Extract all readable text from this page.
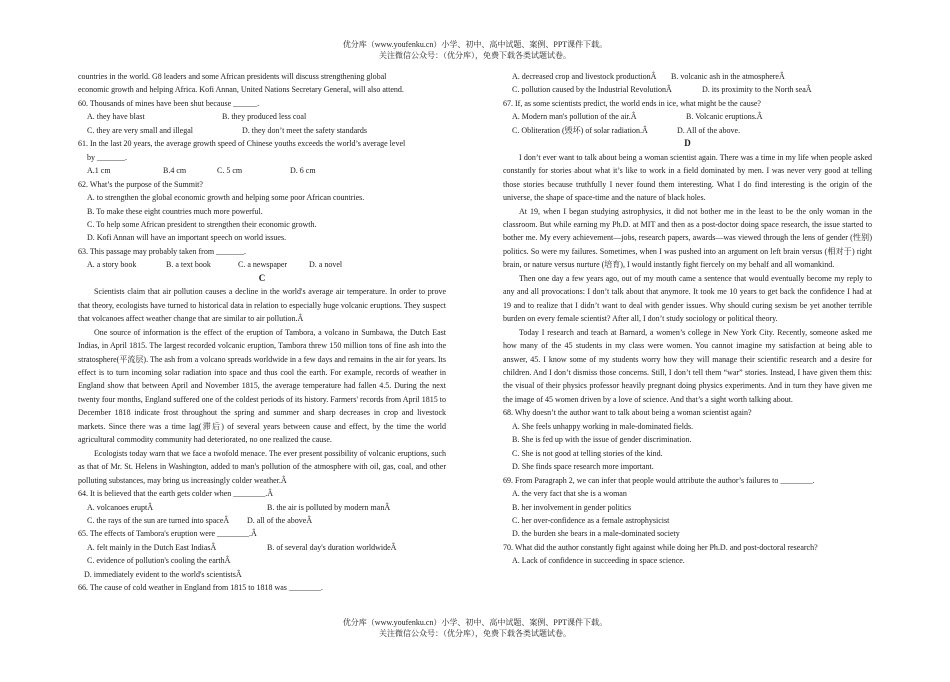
优分库（www.youfenku.cn）小学、初中、高中试题、案例、PPT课件下载。
关注微信公众号：（优分库），免费下载各类试题试卷。

countries in the world. G8 leaders and some African presidents will discuss strengthening global

economic growth and helping Africa. Kofi Annan, United Nations Secretary General, will also attend.

60. Thousands of mines have been shut because ______.

A. they have blast	B. they produced less coal
C. they are very small and illegal	D. they don’t meet the safety standards

61. In the last 20 years, the average growth speed of Chinese youths exceeds the world’s average level

by _______.

A.1 cm	B.4 cm	C. 5 cm	D. 6 cm

62. What’s the purpose of the Summit?

A. to strengthen the global economic growth and helping some poor African countries.

B. To make these eight countries much more powerful.

C. To help some African president to strengthen their economic growth.

D. Kofi Annan will have an important speech on world issues.

63. This passage may probably taken from _______.

A. a story book	B. a text book	C. a newspaper	D. a novel

C

Scientists claim that air pollution causes a decline in the world's average air temperature. In order to prove that theory, ecologists have turned to historical data in relation to especially huge volcanic eruptions. They suspect that volcanoes affect weather change that are similar to air pollution.Â

One source of information is the effect of the eruption of Tambora, a volcano in Sumbawa, the Dutch East Indias, in April 1815. The largest recorded volcanic eruption, Tambora threw 150 million tons of fine ash into the stratosphere(平流层). The ash from a volcano spreads worldwide in a few days and remains in the air for years. Its effect is to turn incoming solar radiation into space and thus cool the earth. For example, records of weather in England show that between April and November 1815, the average temperature had fallen 4.5. During the next twenty four months, England suffered one of the coldest periods of its history. Farmers' records from April 1815 to December 1818 indicate frost throughout the spring and summer and sharp decreases in crop and livestock markets. Since there was a time lag(滞后) of several years between cause and effect, by the time the world agricultural commodity community had deteriorated, no one realized the cause.

Ecologists today warn that we face a twofold menace. The ever present possibility of volcanic eruptions, such as that of Mr. St. Helens in Washington, added to man's pollution of the atmosphere with oil, gas, coal, and other polluting substances, may bring us increasingly colder weather.Â

64. It is believed that the earth gets colder when ________.Â

A. volcanoes eruptÂ	B. the air is polluted by modern manÂ
C. the rays of the sun are turned into spaceÂ	D. all of the aboveÂ

65. The effects of Tambora's eruption were ________.Â

A. felt mainly in the Dutch East IndiasÂ	B. of several day's duration worldwideÂ

C. evidence of pollution's cooling the earthÂ

D. immediately evident to the world's scientistsÂ

66. The cause of cold weather in England from 1815 to 1818 was ________.

A. decreased crop and livestock productionÂ	B. volcanic ash in the atmosphereÂ
C. pollution caused by the Industrial RevolutionÂ	D. its proximity to the North seaÂ

67. If, as some scientists predict, the world ends in ice, what might be the cause?

A. Modern man's pollution of the air.Â	B. Volcanic eruptions.Â
C. Obliteration (毁坏) of solar radiation.Â	D. All of the above.

D

I don’t ever want to talk about being a woman scientist again. There was a time in my life when people asked constantly for stories about what it’s like to work in a field dominated by men. I was never very good at telling those stories because truthfully I never found them interesting. What I do find interesting is the origin of the universe, the shape of space-time and the nature of black holes.

At 19, when I began studying astrophysics, it did not bother me in the least to be the only woman in the classroom. But while earning my Ph.D. at MIT and then as a post-doctor doing space research, the issue started to bother me. My every achievement—jobs, research papers, awards—was viewed through the lens of gender (性别) politics. So were my failures. Sometimes, when I was pushed into an argument on left brain versus (相对于) right brain, or nature versus nurture (培育), I would instantly fight fiercely on my behalf and all womankind.

Then one day a few years ago, out of my mouth came a sentence that would eventually become my reply to any and all provocations: I don’t talk about that anymore. It took me 10 years to get back the confidence I had at 19 and to realize that I didn’t want to deal with gender issues. Why should curing sexism be yet another terrible burden on every female scientist? After all, I don’t study sociology or political theory.

Today I research and teach at Barnard, a women’s college in New York City. Recently, someone asked me how many of the 45 students in my class were women. You cannot imagine my satisfaction at being able to answer, 45. I know some of my students worry how they will manage their scientific research and a desire for children. And I don’t dismiss those concerns. Still, I don’t tell them “war” stories. Instead, I have given them this: the visual of their physics professor heavily pregnant doing physics experiments. And in turn they have given me the image of 45 women driven by a love of science. And that’s a sight worth talking about.

68. Why doesn’t the author want to talk about being a woman scientist again?

A. She feels unhappy working in male-dominated fields.

B. She is fed up with the issue of gender discrimination.

C. She is not good at telling stories of the kind.

D. She finds space research more important.

69. From Paragraph 2, we can infer that people would attribute the author’s failures to ________.

A. the very fact that she is a woman

B. her involvement in gender politics

C. her over-confidence as a female astrophysicist

D. the burden she bears in a male-dominated society

70. What did the author constantly fight against while doing her Ph.D. and post-doctoral research?

A. Lack of confidence in succeeding in space science.

优分库（www.youfenku.cn）小学、初中、高中试题、案例、PPT课件下载。
关注微信公众号：（优分库），免费下载各类试题试卷。
